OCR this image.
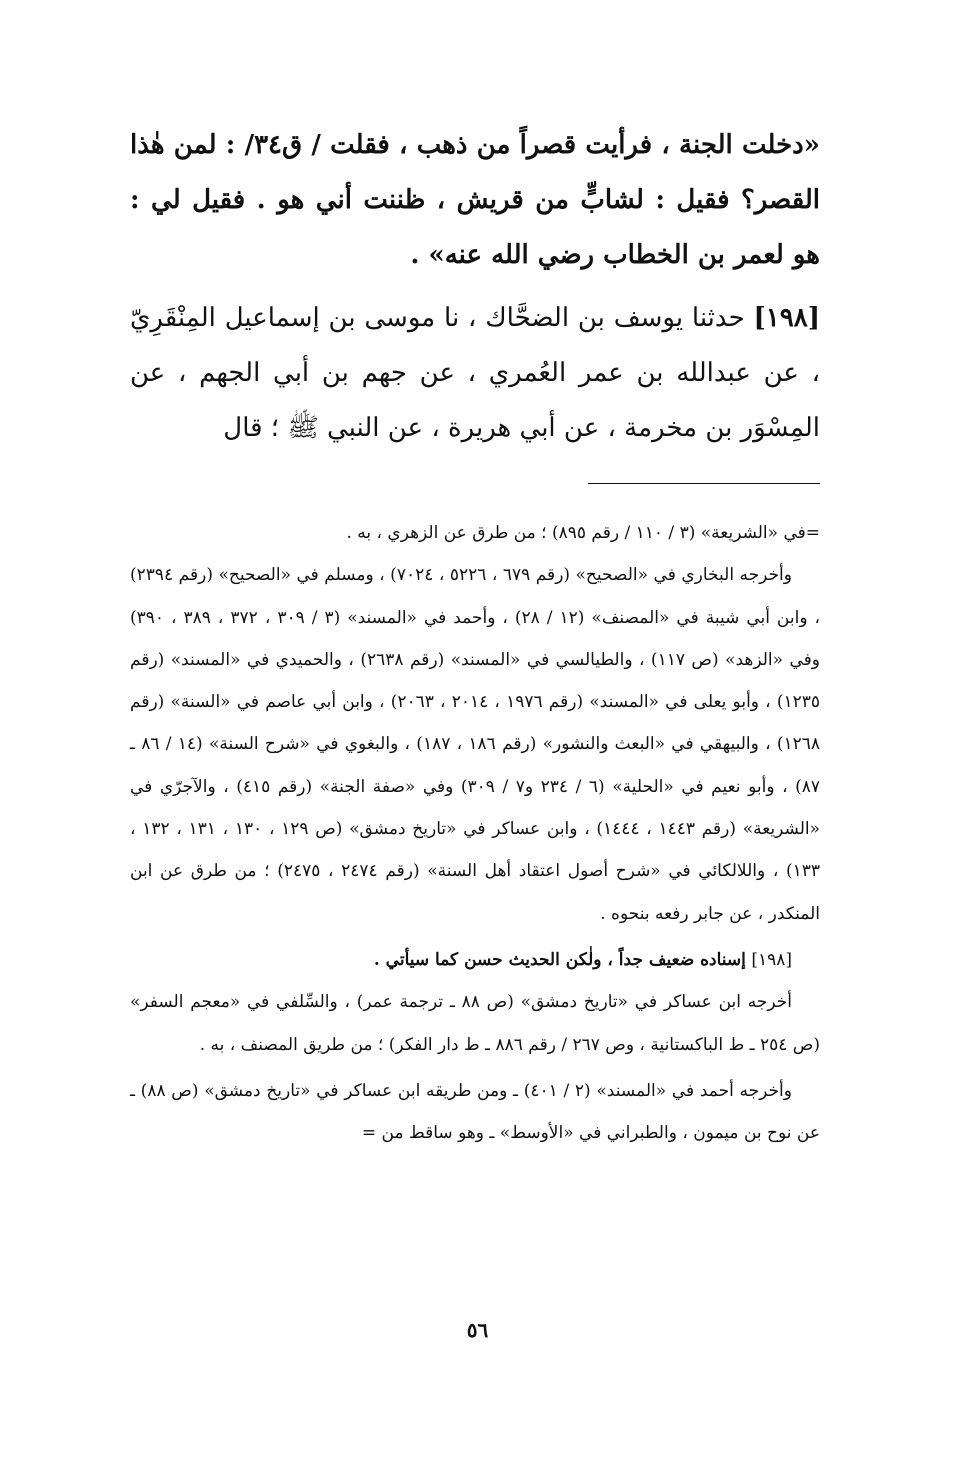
«دخلت الجنة ، فرأيت قصراً من ذهب ، فقلت / ق٣٤/ : لمن هٰذا القصر؟ فقيل : لشابٍّ من قريش ، ظننت أني هو . فقيل لي : هو لعمر بن الخطاب رضي الله عنه» .

[١٩٨] حدثنا يوسف بن الضحَّاك ، نا موسى بن إسماعيل المِنْقَرِيّ ، عن عبدالله بن عمر العُمري ، عن جهم بن أبي الجهم ، عن المِسْوَر بن مخرمة ، عن أبي هريرة ، عن النبي ﷺ ؛ قال

=في «الشريعة» (٣ / ١١٠ / رقم ٨٩٥) ؛ من طرق عن الزهري ، به .

وأخرجه البخاري في «الصحيح» (رقم ٦٧٩ ، ٥٢٢٦ ، ٧٠٢٤) ، ومسلم في «الصحيح» (رقم ٢٣٩٤) ، وابن أبي شيبة في «المصنف» (١٢ / ٢٨) ، وأحمد في «المسند» (٣ / ٣٠٩ ، ٣٧٢ ، ٣٨٩ ، ٣٩٠) وفي «الزهد» (ص ١١٧) ، والطيالسي في «المسند» (رقم ٢٦٣٨) ، والحميدي في «المسند» (رقم ١٢٣٥) ، وأبو يعلى في «المسند» (رقم ١٩٧٦ ، ٢٠١٤ ، ٢٠٦٣) ، وابن أبي عاصم في «السنة» (رقم ١٢٦٨) ، والبيهقي في «البعث والنشور» (رقم ١٨٦ ، ١٨٧) ، والبغوي في «شرح السنة» (١٤ / ٨٦ ـ ٨٧) ، وأبو نعيم في «الحلية» (٦ / ٢٣٤ و٧ / ٣٠٩) وفي «صفة الجنة» (رقم ٤١٥) ، والآجرّي في «الشريعة» (رقم ١٤٤٣ ، ١٤٤٤) ، وابن عساكر في «تاريخ دمشق» (ص ١٢٩ ، ١٣٠ ، ١٣١ ، ١٣٢ ، ١٣٣) ، واللالكائي في «شرح أصول اعتقاد أهل السنة» (رقم ٢٤٧٤ ، ٢٤٧٥) ؛ من طرق عن ابن المنكدر ، عن جابر رفعه بنحوه .

[١٩٨] إسناده ضعيف جداً ، ولٰكن الحديث حسن كما سيأتي .

أخرجه ابن عساكر في «تاريخ دمشق» (ص ٨٨ ـ ترجمة عمر) ، والسِّلفي في «معجم السفر» (ص ٢٥٤ ـ ط الباكستانية ، وص ٢٦٧ / رقم ٨٨٦ ـ ط دار الفكر) ؛ من طريق المصنف ، به .

وأخرجه أحمد في «المسند» (٢ / ٤٠١) ـ ومن طريقه ابن عساكر في «تاريخ دمشق» (ص ٨٨) ـ عن نوح بن ميمون ، والطبراني في «الأوسط» ـ وهو ساقط من =

٥٦
